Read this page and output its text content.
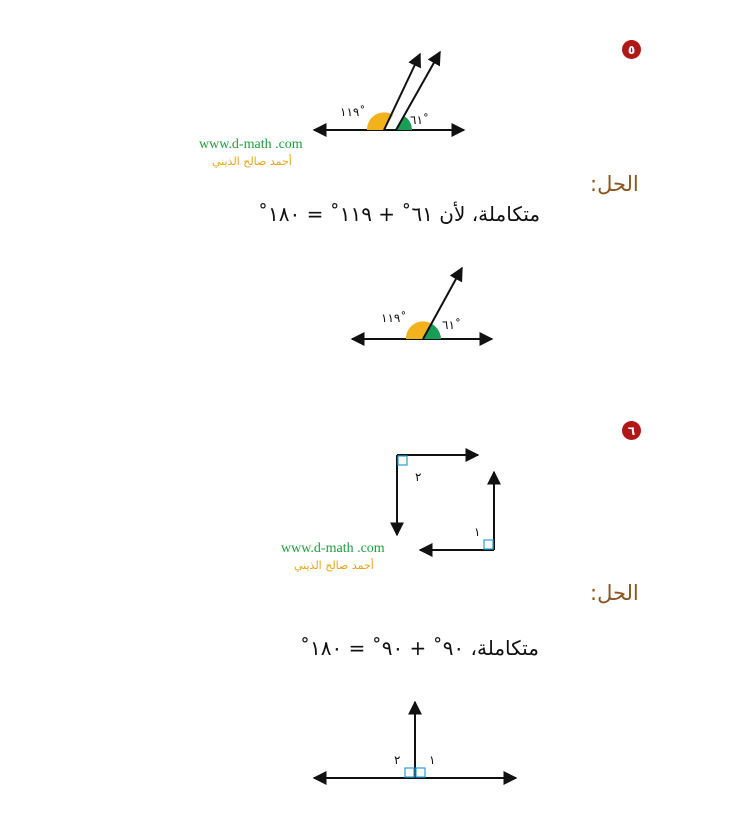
٥
١١٩˚
٦١˚
www.d-math .com
أحمد صالح الذيني
الحل:
متكاملة، لأن ٦١˚ + ١١٩˚ = ١٨٠˚
١١٩˚	٦١˚
٦
٢
١
www.d-math .com
أحمد صالح الذيني
الحل:
متكاملة، ٩٠˚ + ٩٠˚ = ١٨٠˚
٢ ١
